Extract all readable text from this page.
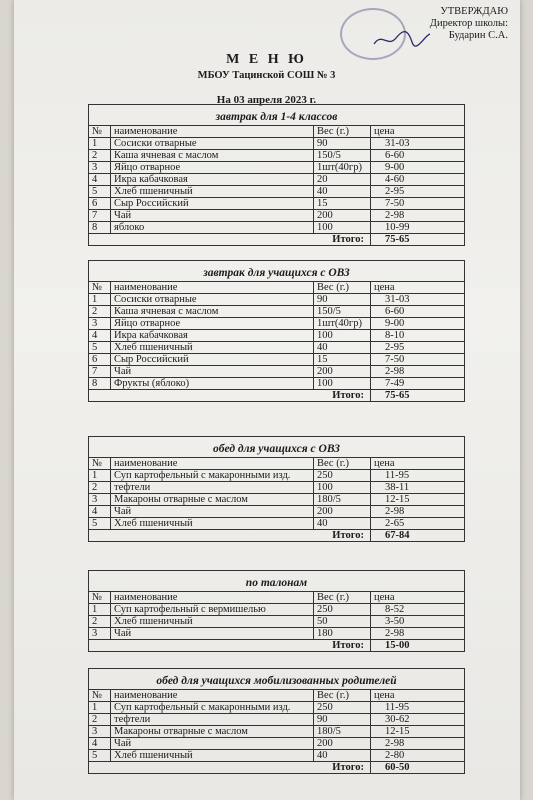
УТВЕРЖДАЮ
Директор школы:
Бударин С.А.
М Е Н Ю
МБОУ Тацинской СОШ № 3
На 03 апреля 2023 г.
завтрак для 1-4 классов
№	наименование	Вес (г.)	цена
1	Сосиски отварные	90	31-03
2	Каша ячневая с маслом	150/5	6-60
3	Яйцо отварное	1шт(40гр)	9-00
4	Икра кабачковая	20	4-60
5	Хлеб пшеничный	40	2-95
6	Сыр Российский	15	7-50
7	Чай	200	2-98
8	яблоко	100	10-99
Итого:			75-65
завтрак для учащихся с ОВЗ
№	наименование	Вес (г.)	цена
1	Сосиски отварные	90	31-03
2	Каша ячневая с маслом	150/5	6-60
3	Яйцо отварное	1шт(40гр)	9-00
4	Икра кабачковая	100	8-10
5	Хлеб пшеничный	40	2-95
6	Сыр Российский	15	7-50
7	Чай	200	2-98
8	Фрукты (яблоко)	100	7-49
Итого:			75-65
обед для учащихся с ОВЗ
№	наименование	Вес (г.)	цена
1	Суп картофельный с макаронными изд.	250	11-95
2	тефтели	100	38-11
3	Макароны отварные с маслом	180/5	12-15
4	Чай	200	2-98
5	Хлеб пшеничный	40	2-65
Итого:			67-84
по талонам
№	наименование	Вес (г.)	цена
1	Суп картофельный с вермишелью	250	8-52
2	Хлеб пшеничный	50	3-50
3	Чай	180	2-98
Итого:			15-00
обед для учащихся мобилизованных родителей
№	наименование	Вес (г.)	цена
1	Суп картофельный с макаронными изд.	250	11-95
2	тефтели	90	30-62
3	Макароны отварные с маслом	180/5	12-15
4	Чай	200	2-98
5	Хлеб пшеничный	40	2-80
Итого:			60-50
